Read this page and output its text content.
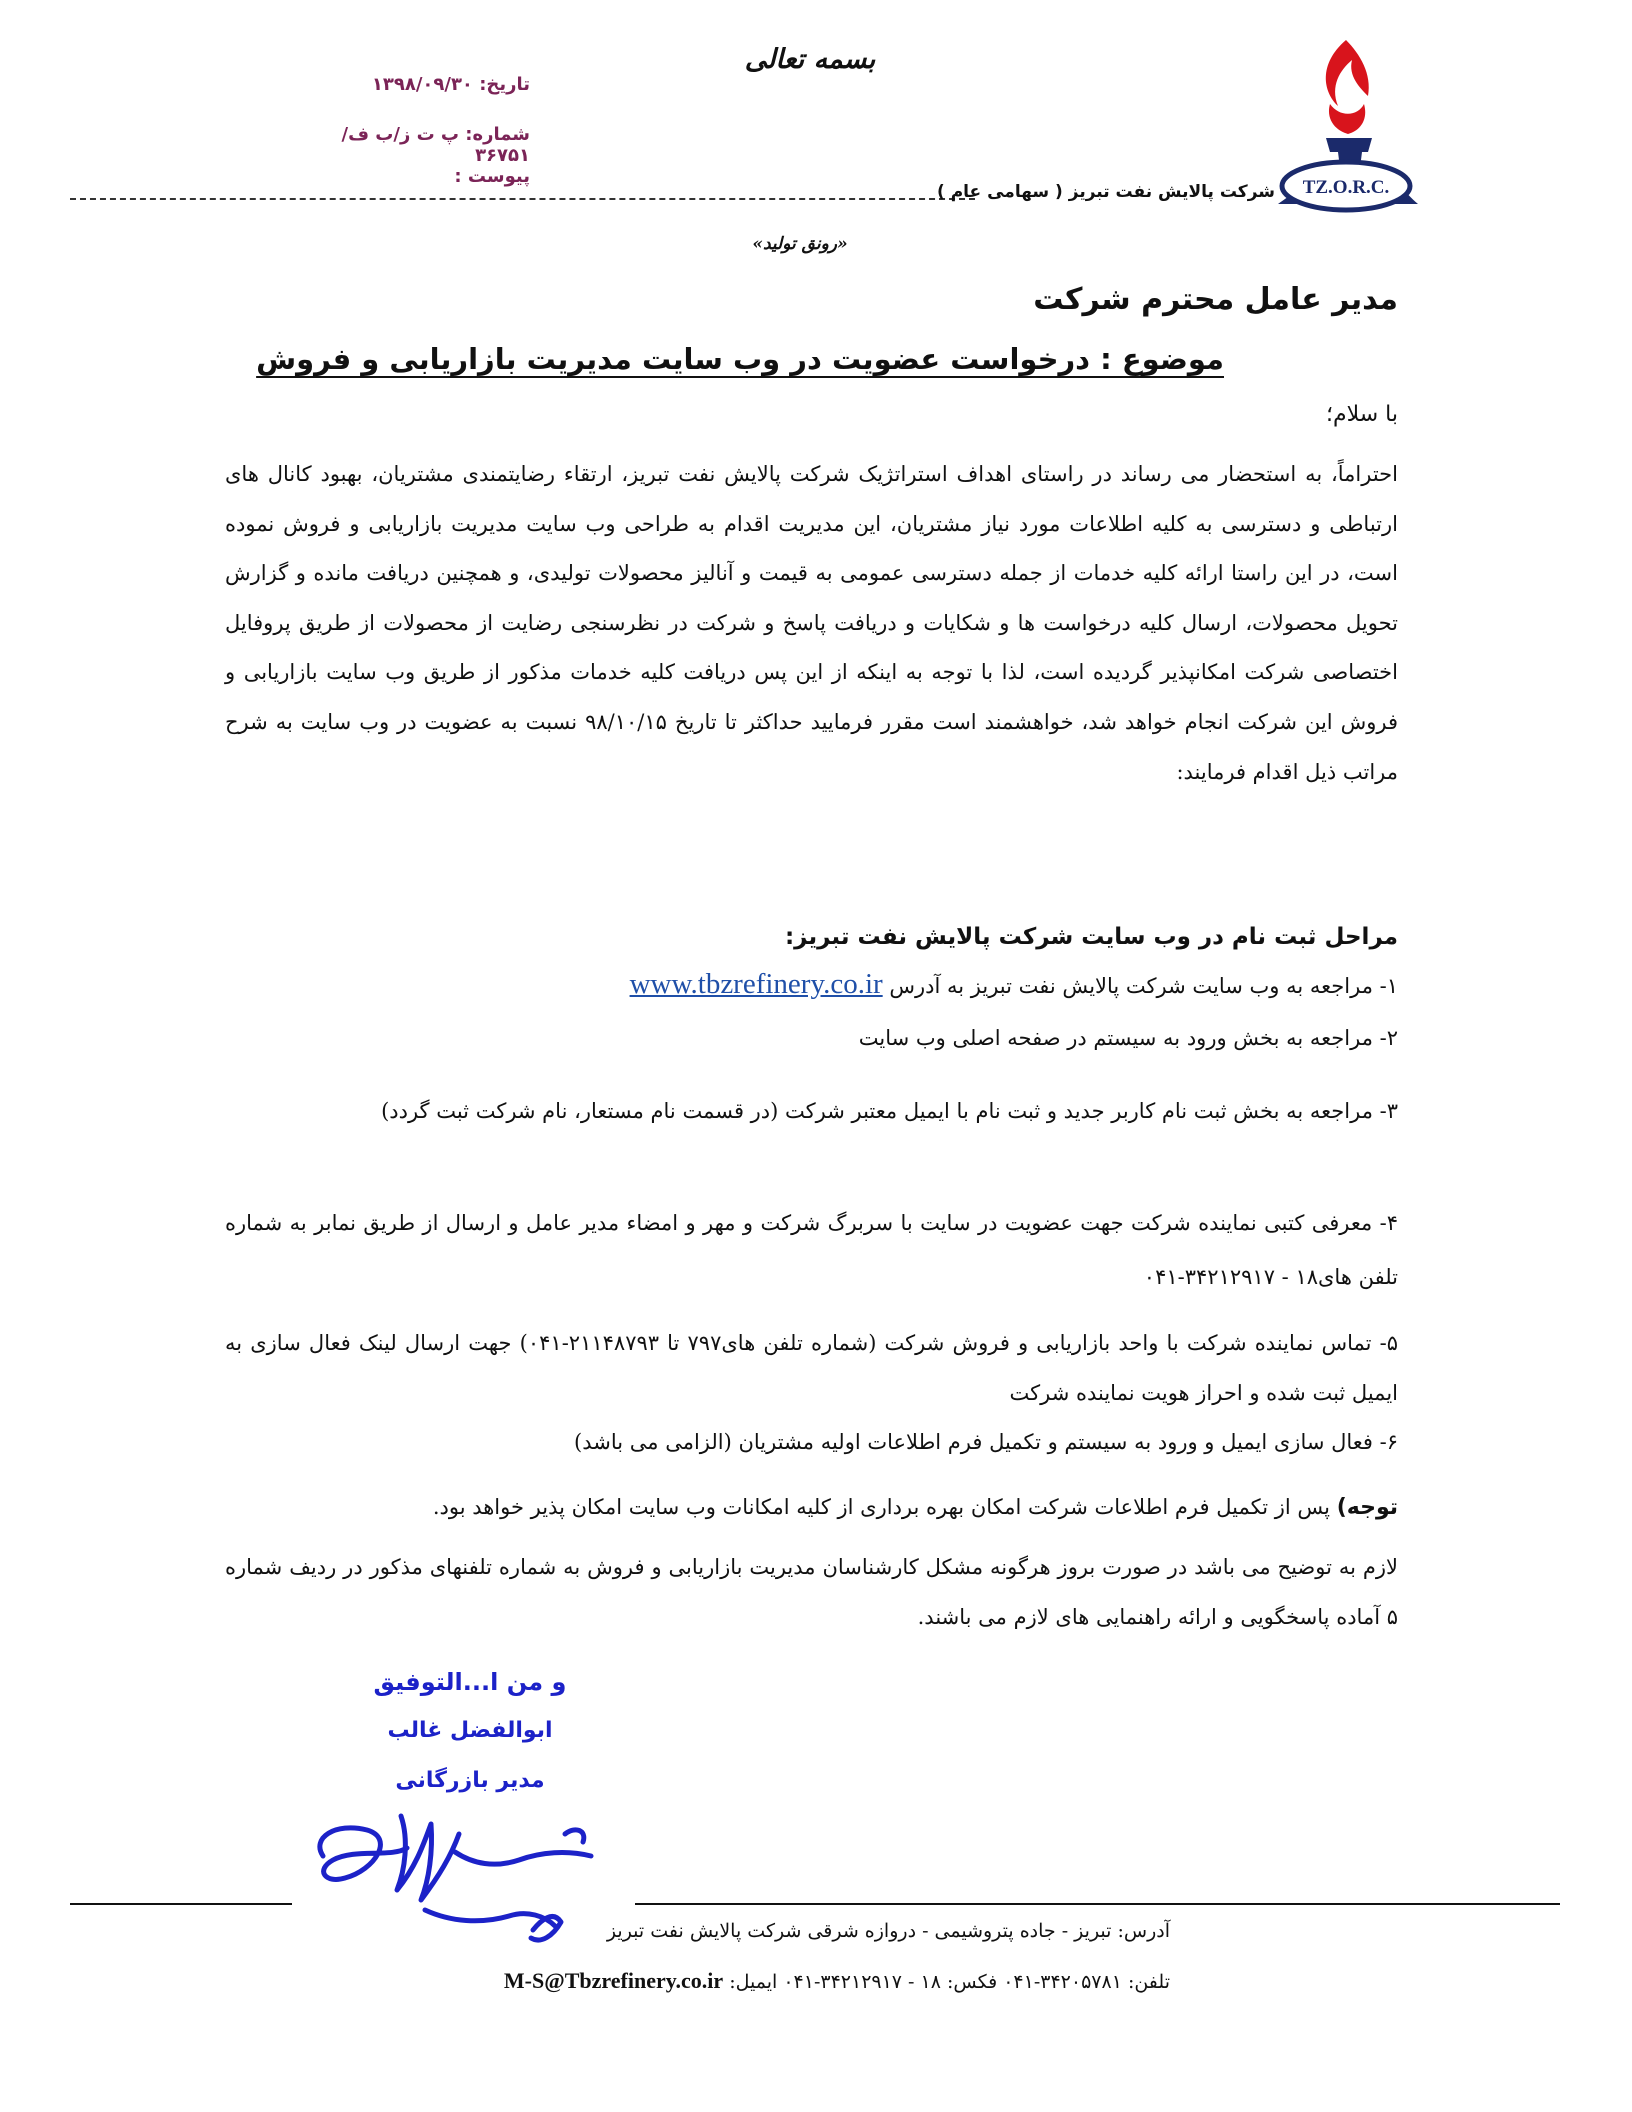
بسمه تعالی
تاریخ: ۱۳۹۸/۰۹/۳۰
شماره: پ ت ز/ب ف/ ۳۶۷۵۱
پیوست :
TZ.O.R.C.
شرکت پالایش نفت تبریز ( سهامی عام )
«رونق تولید»
مدیر عامل محترم شرکت
موضوع : درخواست عضویت در وب سایت مدیریت بازاریابی و فروش
با سلام؛
احتراماً، به استحضار می رساند در راستای اهداف استراتژیک شرکت پالایش نفت تبریز، ارتقاء رضایتمندی مشتریان، بهبود کانال های ارتباطی و دسترسی به کلیه اطلاعات مورد نیاز مشتریان، این مدیریت اقدام به طراحی وب سایت مدیریت بازاریابی و فروش نموده است، در این راستا ارائه کلیه خدمات از جمله دسترسی عمومی به قیمت و آنالیز محصولات تولیدی، و همچنین دریافت مانده و گزارش تحویل محصولات، ارسال کلیه درخواست ها و شکایات و دریافت پاسخ و شرکت در نظرسنجی رضایت از محصولات از طریق پروفایل اختصاصی شرکت امکانپذیر گردیده است، لذا با توجه به اینکه از این پس دریافت کلیه خدمات مذکور از طریق وب سایت بازاریابی و فروش این شرکت انجام خواهد شد، خواهشمند است مقرر فرمایید حداکثر تا تاریخ ۹۸/۱۰/۱۵ نسبت به عضویت در وب سایت به شرح مراتب ذیل اقدام فرمایند:
مراحل ثبت نام در وب سایت شرکت پالایش نفت تبریز:
۱- مراجعه به وب سایت شرکت پالایش نفت تبریز به آدرس www.tbzrefinery.co.ir
۲- مراجعه به بخش ورود به سیستم در صفحه اصلی وب سایت
۳- مراجعه به بخش ثبت نام کاربر جدید و ثبت نام با ایمیل معتبر شرکت (در قسمت نام مستعار، نام شرکت ثبت گردد)
۴- معرفی کتبی نماینده شرکت جهت عضویت در سایت با سربرگ شرکت و مهر و امضاء مدیر عامل و ارسال از طریق نمابر به شماره تلفن های۱۸ - ۳۴۲۱۲۹۱۷-۰۴۱
۵- تماس نماینده شرکت با واحد بازاریابی و فروش شرکت (شماره تلفن های۷۹۷ تا ۲۱۱۴۸۷۹۳-۰۴۱) جهت ارسال لینک فعال سازی به ایمیل ثبت شده و احراز هویت نماینده شرکت
۶- فعال سازی ایمیل و ورود به سیستم و تکمیل فرم اطلاعات اولیه مشتریان (الزامی می باشد)
توجه) پس از تکمیل فرم اطلاعات شرکت امکان بهره برداری از کلیه امکانات وب سایت امکان پذیر خواهد بود.
لازم به توضیح می باشد در صورت بروز هرگونه مشکل کارشناسان مدیریت بازاریابی و فروش به شماره تلفنهای مذکور در ردیف شماره ۵ آماده پاسخگویی و ارائه راهنمایی های لازم می باشند.
و من ا...التوفیق
ابوالفضل غالب
مدیر بازرگانی
آدرس: تبریز - جاده پتروشیمی - دروازه شرقی شرکت پالایش نفت تبریز
تلفن: ۳۴۲۰۵۷۸۱-۰۴۱ فکس: ۱۸ - ۳۴۲۱۲۹۱۷-۰۴۱ ایمیل: M-S@Tbzrefinery.co.ir
